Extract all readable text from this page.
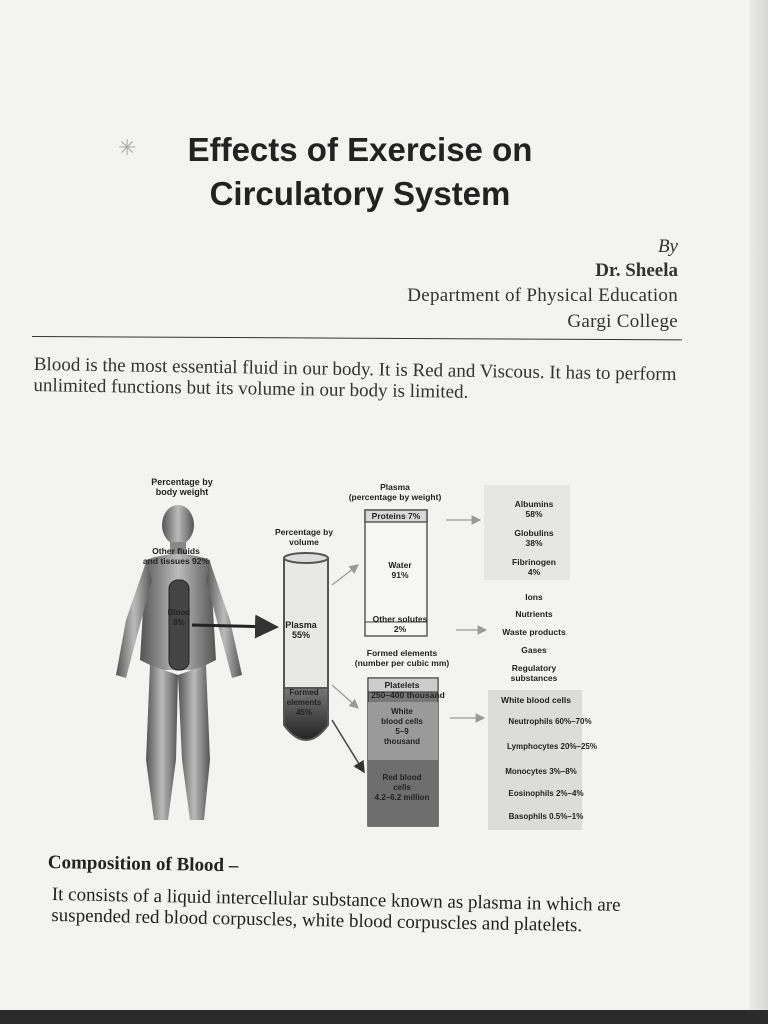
✳	Effects of Exercise on
Circulatory System
By
Dr. Sheela
Department of Physical Education
Gargi College

Blood is the most essential fluid in our body. It is Red and Viscous. It has to perform unlimited functions but its volume in our body is limited.

Percentage by body weight
Other fluids and tissues 92%
Blood 8%
Percentage by volume
Plasma 55%
Formed elements 45%
Plasma (percentage by weight)
Proteins 7%
Water 91%
Other solutes 2%
Albumins 58%
Globulins 38%
Fibrinogen 4%
Ions
Nutrients
Waste products
Gases
Regulatory substances
Formed elements (number per cubic mm)
Platelets 250–400 thousand
White blood cells 5–9 thousand
Red blood cells 4.2–6.2 million
White blood cells
Neutrophils 60%–70%
Lymphocytes 20%–25%
Monocytes 3%–8%
Eosinophils 2%–4%
Basophils 0.5%–1%
Composition of Blood –

It consists of a liquid intercellular substance known as plasma in which are suspended red blood corpuscles, white blood corpuscles and platelets.
